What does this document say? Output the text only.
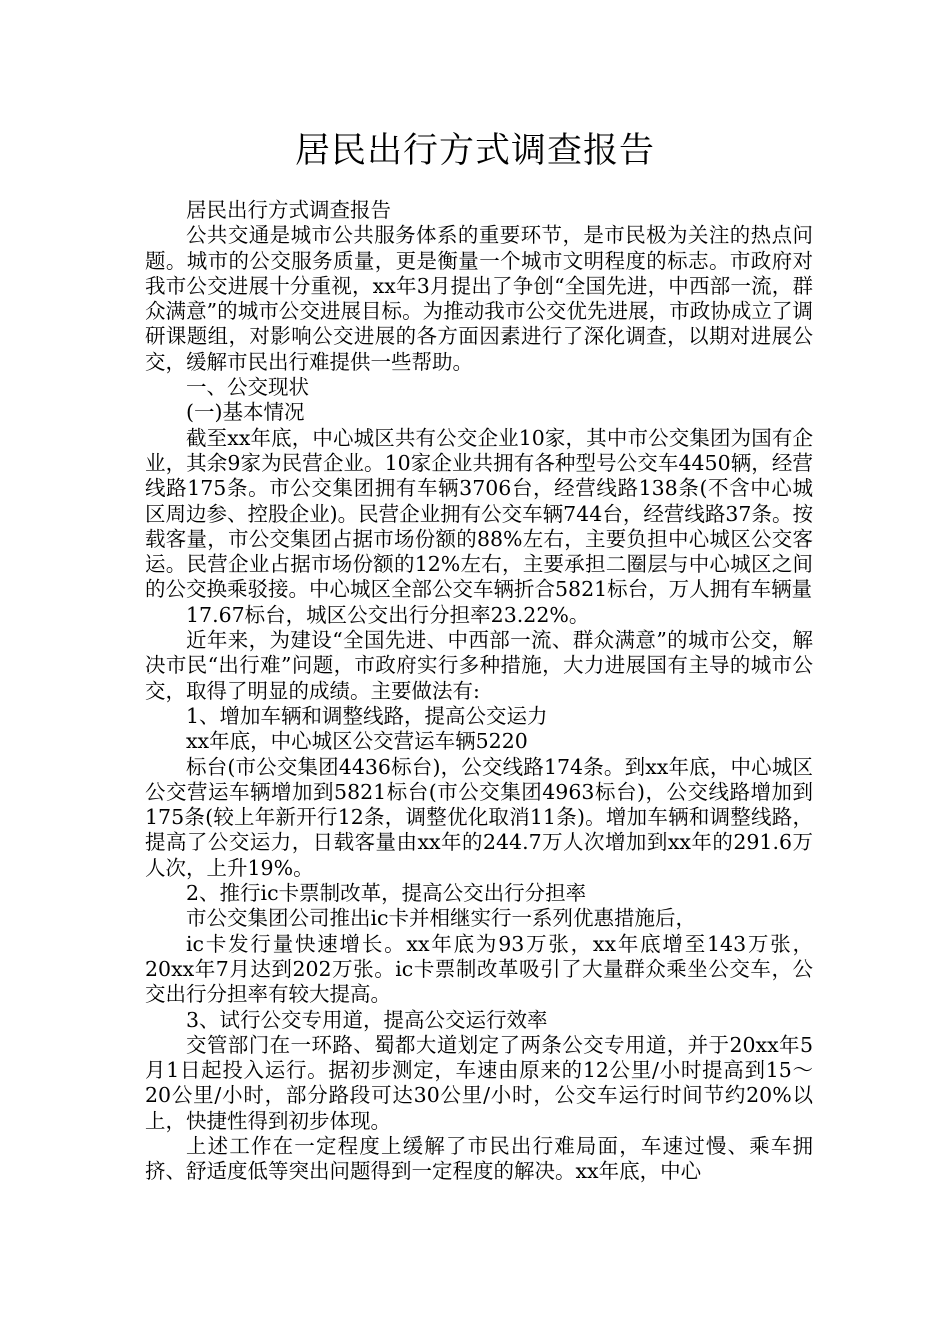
居民出行方式调查报告

居民出行方式调查报告

公共交通是城市公共服务体系的重要环节，是市民极为关注的热点问题。城市的公交服务质量，更是衡量一个城市文明程度的标志。市政府对我市公交进展十分重视，xx年3月提出了争创“全国先进，中西部一流，群众满意”的城市公交进展目标。为推动我市公交优先进展，市政协成立了调研课题组，对影响公交进展的各方面因素进行了深化调查，以期对进展公交，缓解市民出行难提供一些帮助。

一、公交现状

(一)基本情况

截至xx年底，中心城区共有公交企业10家，其中市公交集团为国有企业，其余9家为民营企业。10家企业共拥有各种型号公交车4450辆，经营线路175条。市公交集团拥有车辆3706台，经营线路138条(不含中心城区周边参、控股企业)。民营企业拥有公交车辆744台，经营线路37条。按载客量，市公交集团占据市场份额的88%左右，主要负担中心城区公交客运。民营企业占据市场份额的12%左右，主要承担二圈层与中心城区之间的公交换乘驳接。中心城区全部公交车辆折合5821标台，万人拥有车辆量

17.67标台，城区公交出行分担率23.22%。

近年来，为建设“全国先进、中西部一流、群众满意”的城市公交，解决市民“出行难”问题，市政府实行多种措施，大力进展国有主导的城市公交，取得了明显的成绩。主要做法有:

1、增加车辆和调整线路，提高公交运力

xx年底，中心城区公交营运车辆5220

标台(市公交集团4436标台)，公交线路174条。到xx年底，中心城区公交营运车辆增加到5821标台(市公交集团4963标台)，公交线路增加到175条(较上年新开行12条，调整优化取消11条)。增加车辆和调整线路，提高了公交运力，日载客量由xx年的244.7万人次增加到xx年的291.6万人次，上升19%。

2、推行ic卡票制改革，提高公交出行分担率

市公交集团公司推出ic卡并相继实行一系列优惠措施后，

ic卡发行量快速增长。xx年底为93万张，xx年底增至143万张，20xx年7月达到202万张。ic卡票制改革吸引了大量群众乘坐公交车，公交出行分担率有较大提高。

3、试行公交专用道，提高公交运行效率

交管部门在一环路、蜀都大道划定了两条公交专用道，并于20xx年5月1日起投入运行。据初步测定，车速由原来的12公里/小时提高到15～20公里/小时，部分路段可达30公里/小时，公交车运行时间节约20%以上，快捷性得到初步体现。

上述工作在一定程度上缓解了市民出行难局面，车速过慢、乘车拥挤、舒适度低等突出问题得到一定程度的解决。xx年底，中心
